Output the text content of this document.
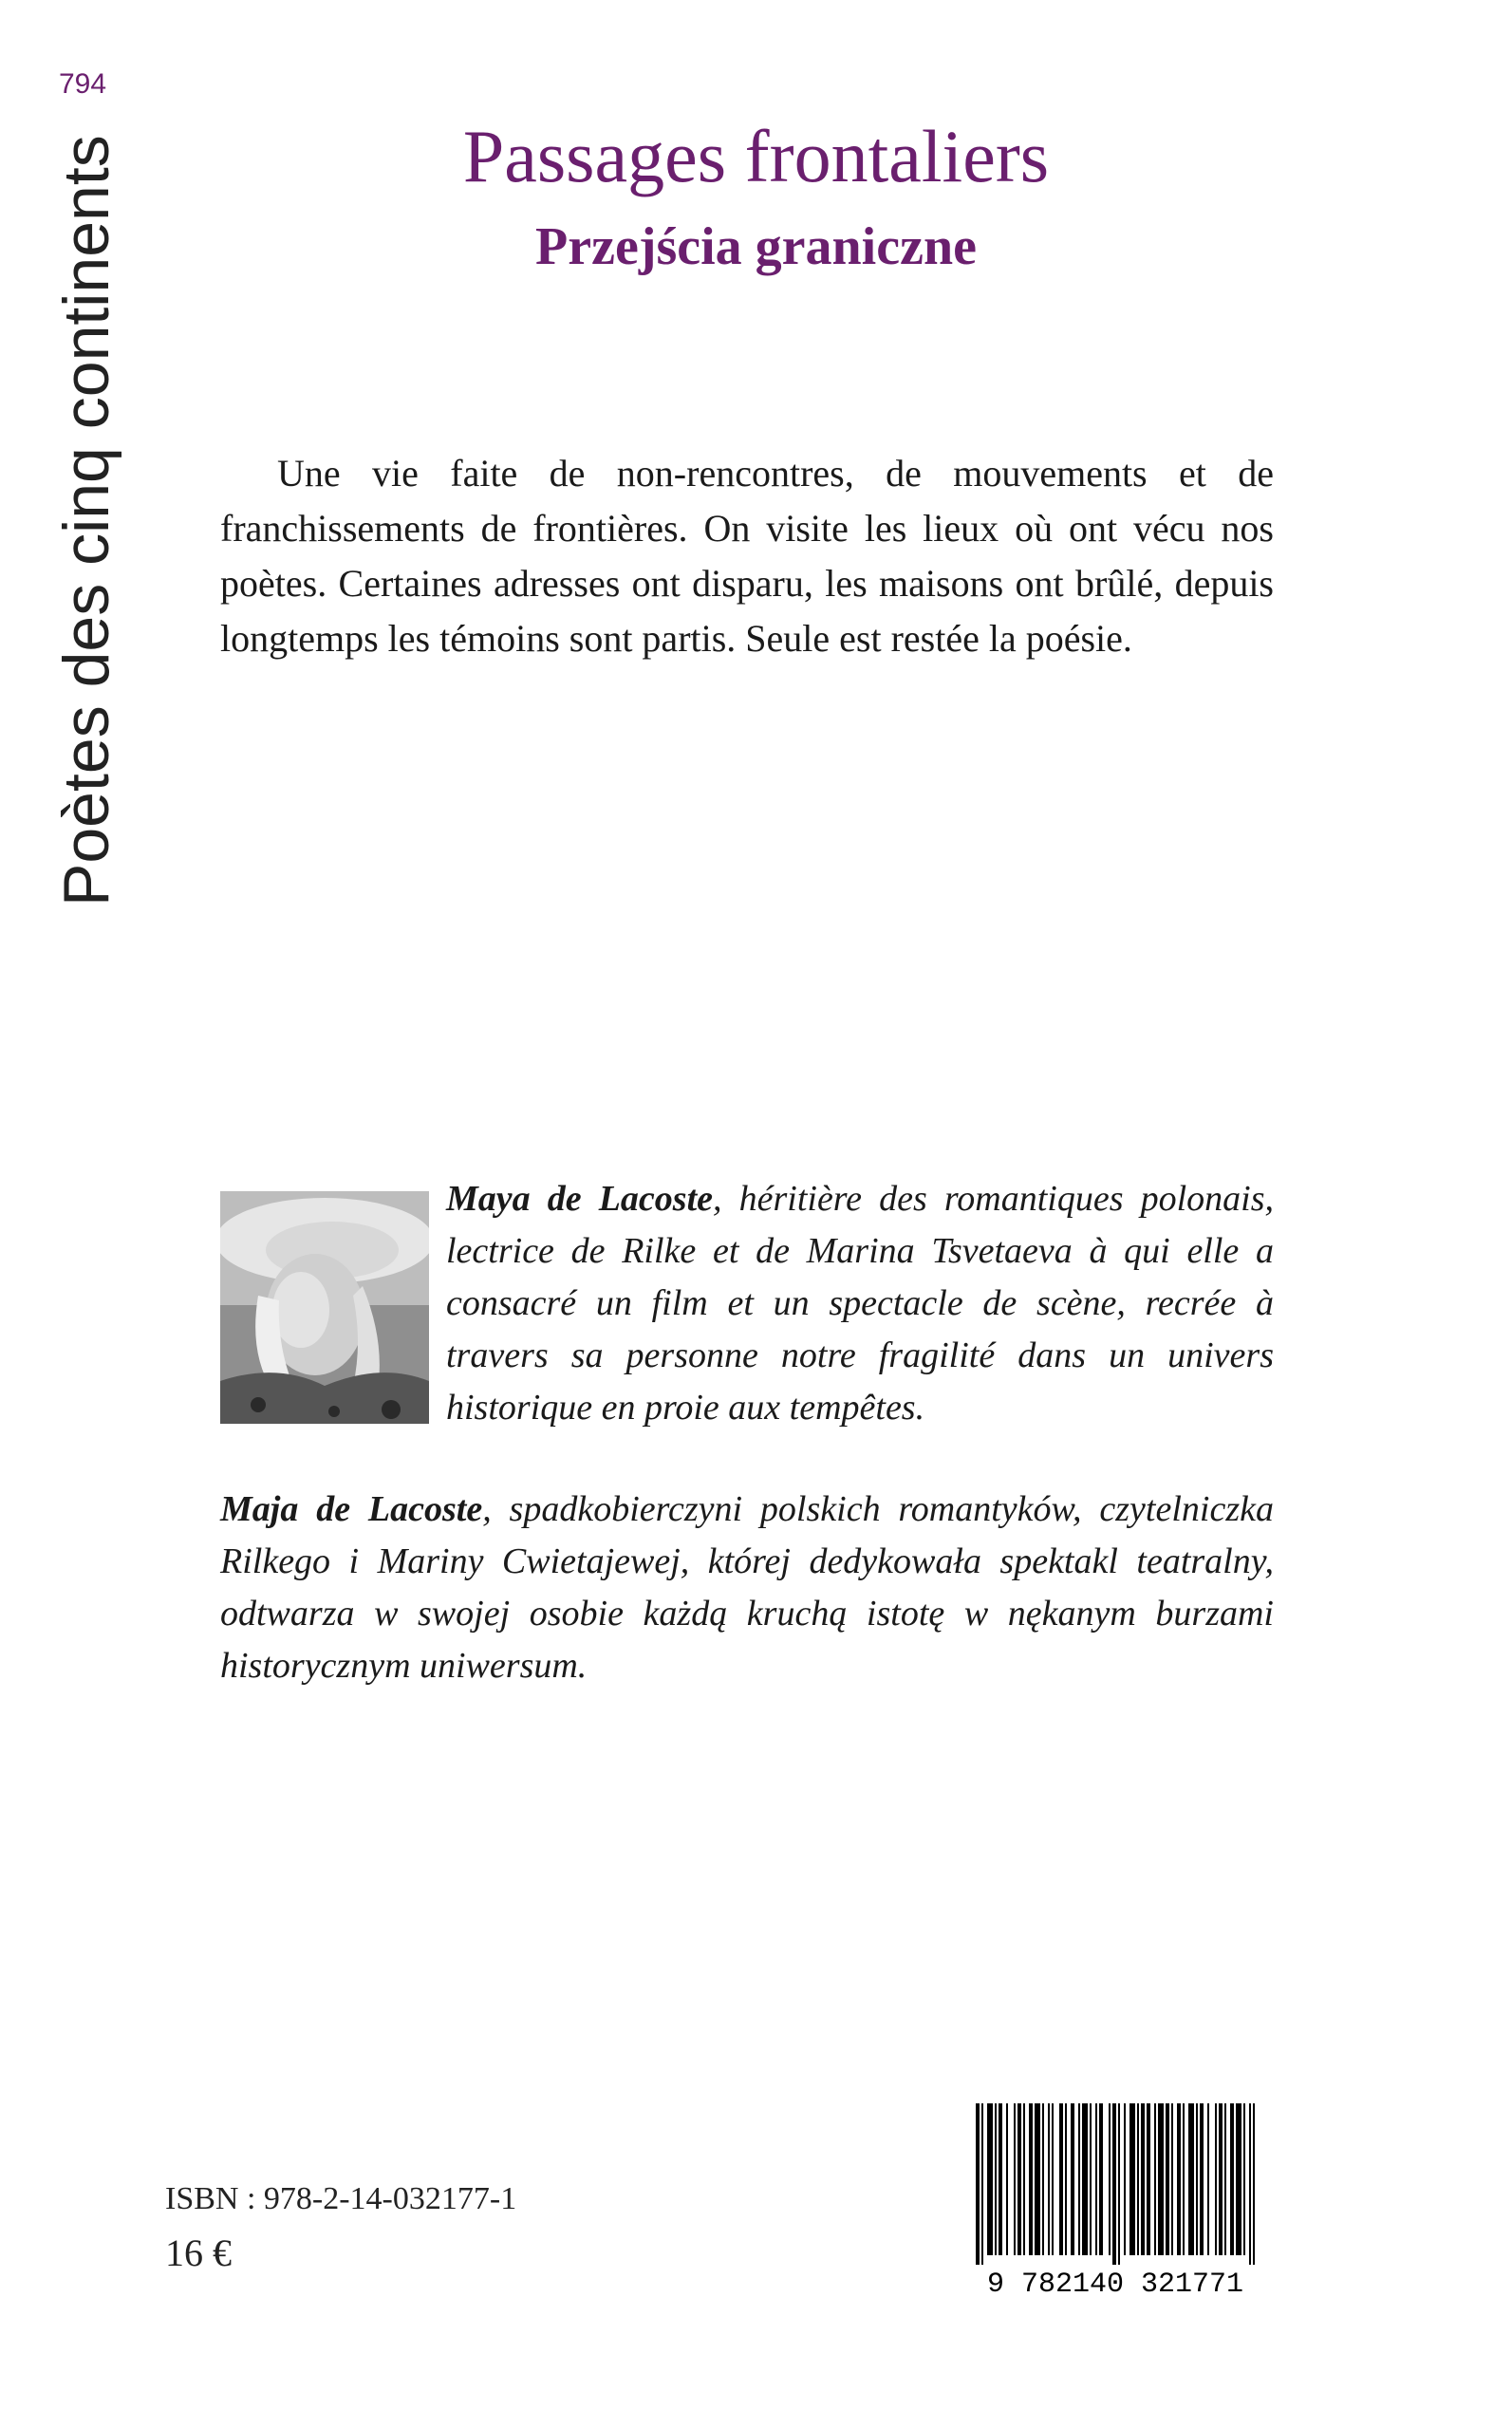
794
Poètes des cinq continents	Passages frontaliers
Przejścia graniczne

Une vie faite de non-rencontres, de mouvements et de franchissements de frontières. On visite les lieux où ont vécu nos poètes. Certaines adresses ont disparu, les maisons ont brûlé, depuis longtemps les témoins sont partis. Seule est restée la poésie.

Maya de Lacoste, héritière des romantiques polonais, lectrice de Rilke et de Marina Tsvetaeva à qui elle a consacré un film et un spectacle de scène, recrée à travers sa personne notre fragilité dans un univers historique en proie aux tempêtes.

Maja de Lacoste, spadkobierczyni polskich romantyków, czytelniczka Rilkego i Mariny Cwietajewej, której dedykowała spektakl teatralny, odtwarza w swojej osobie każdą kruchą istotę w nękanym burzami historycznym uniwersum.

ISBN : 978-2-14-032177-1
16 €
9 782140 321771
